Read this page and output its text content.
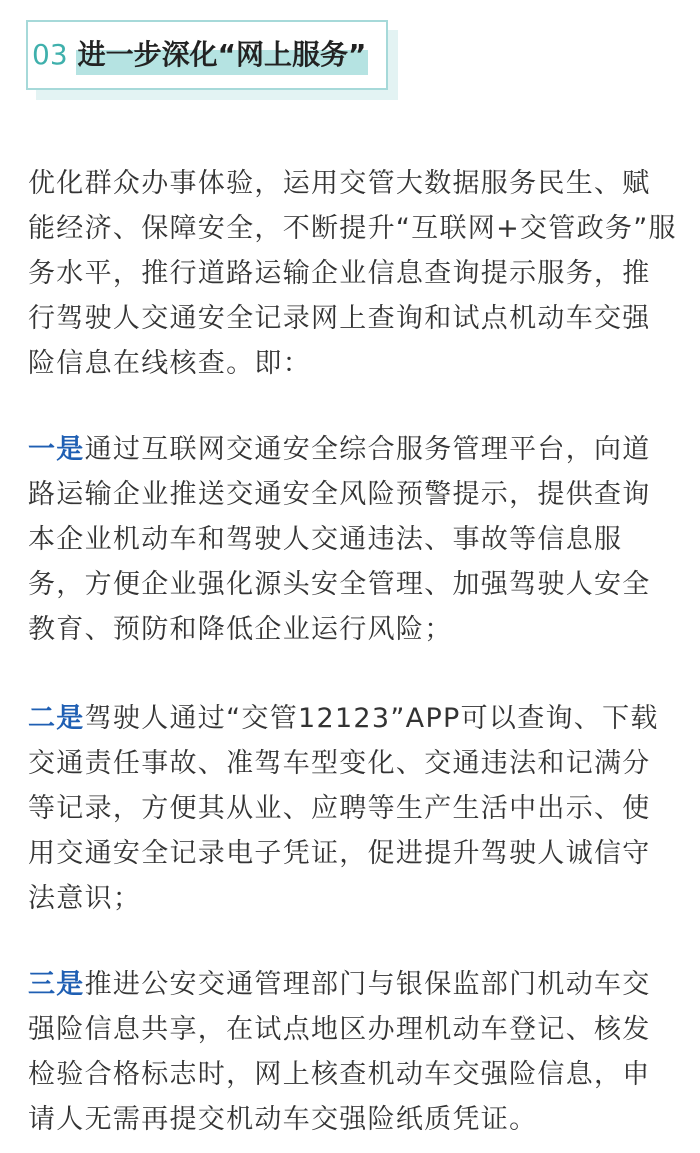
03 进一步深化“网上服务”
优化群众办事体验，运用交管大数据服务民生、赋能经济、保障安全，不断提升“互联网+交管政务”服务水平，推行道路运输企业信息查询提示服务，推行驾驶人交通安全记录网上查询和试点机动车交强险信息在线核查。即：
一是通过互联网交通安全综合服务管理平台，向道路运输企业推送交通安全风险预警提示，提供查询本企业机动车和驾驶人交通违法、事故等信息服务，方便企业强化源头安全管理、加强驾驶人安全教育、预防和降低企业运行风险；
二是驾驶人通过“交管12123”APP可以查询、下载交通责任事故、准驾车型变化、交通违法和记满分等记录，方便其从业、应聘等生产生活中出示、使用交通安全记录电子凭证，促进提升驾驶人诚信守法意识；
三是推进公安交通管理部门与银保监部门机动车交强险信息共享，在试点地区办理机动车登记、核发检验合格标志时，网上核查机动车交强险信息，申请人无需再提交机动车交强险纸质凭证。
